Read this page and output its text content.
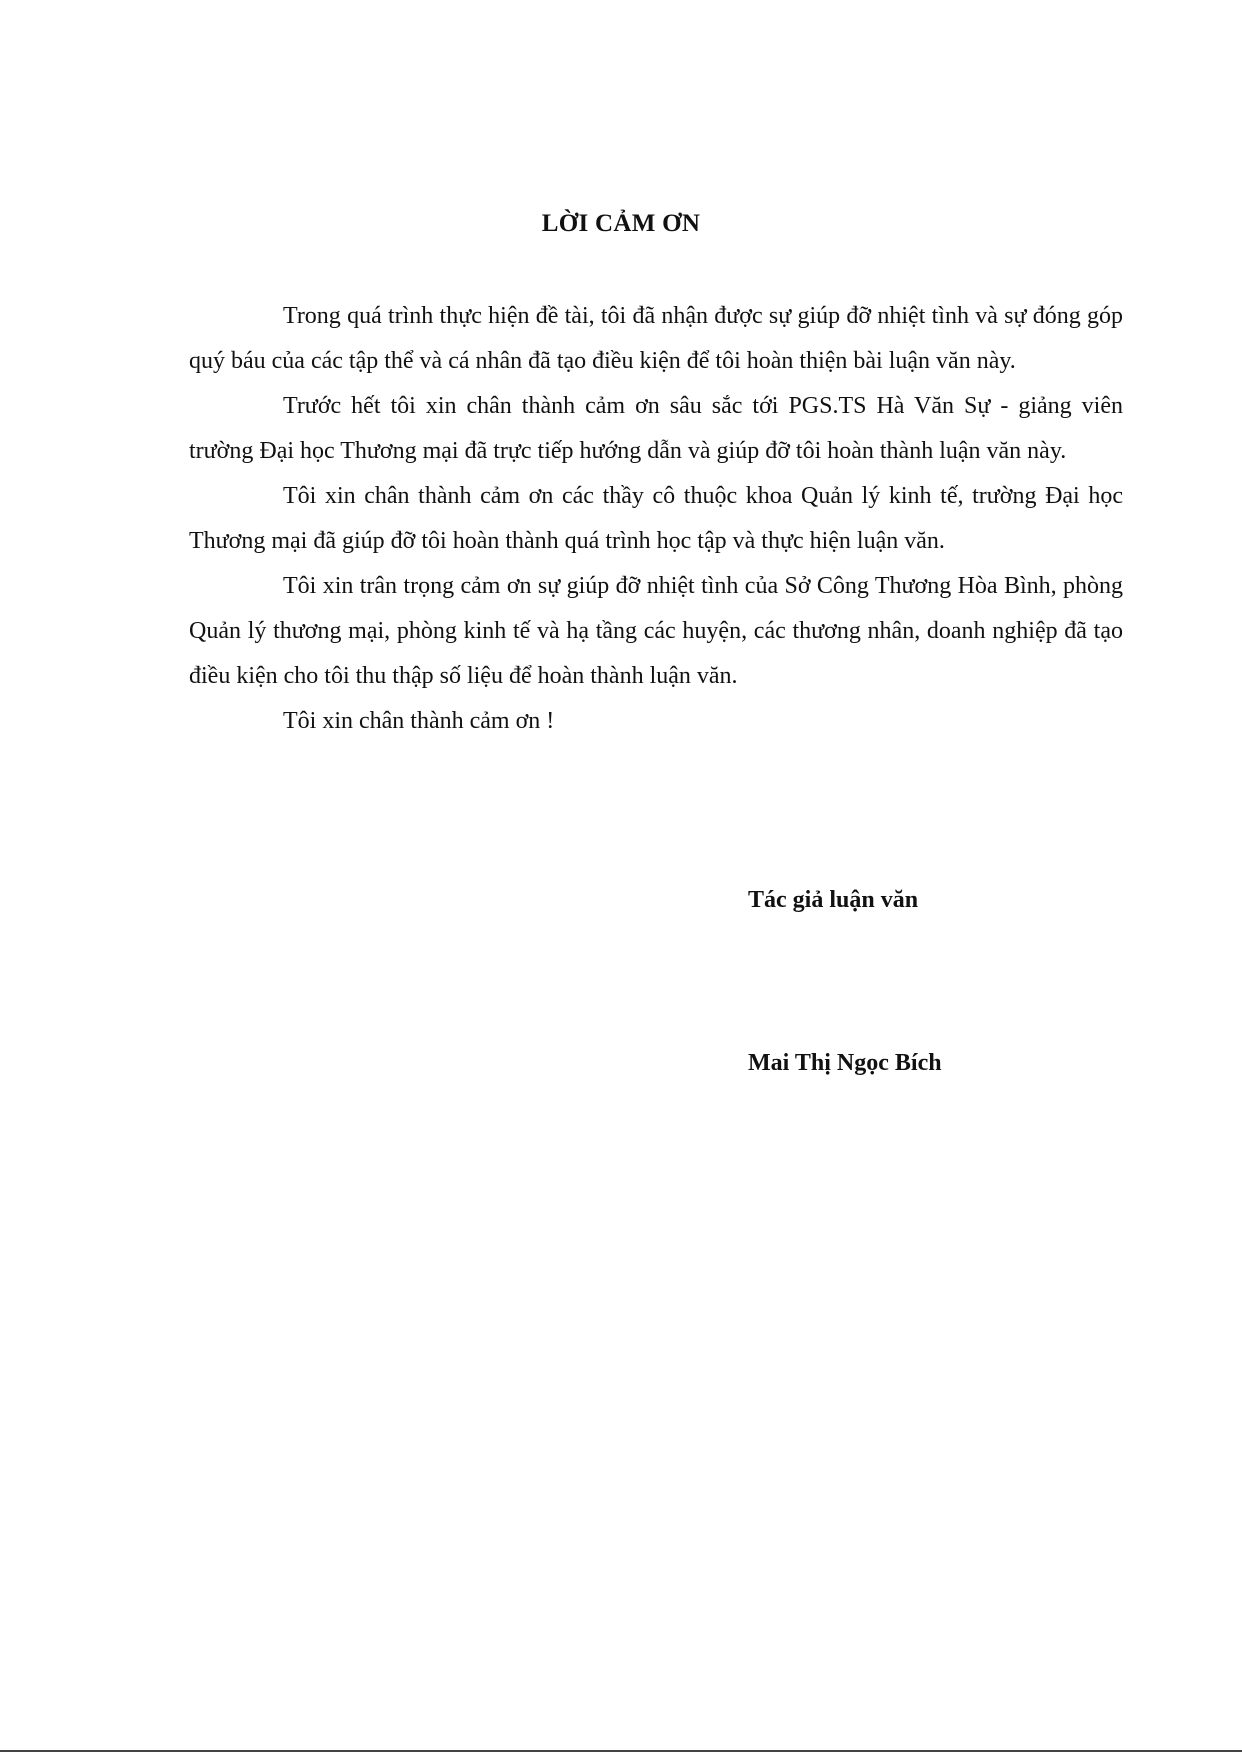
LỜI CẢM ƠN

Trong quá trình thực hiện đề tài, tôi đã nhận được sự giúp đỡ nhiệt tình và sự đóng góp quý báu của các tập thể và cá nhân đã tạo điều kiện để tôi hoàn thiện bài luận văn này.

Trước hết tôi xin chân thành cảm ơn sâu sắc tới PGS.TS Hà Văn Sự - giảng viên trường Đại học Thương mại đã trực tiếp hướng dẫn và giúp đỡ tôi hoàn thành luận văn này.

Tôi xin chân thành cảm ơn các thầy cô thuộc khoa Quản lý kinh tế, trường Đại học Thương mại đã giúp đỡ tôi hoàn thành quá trình học tập và thực hiện luận văn.

Tôi xin trân trọng cảm ơn sự giúp đỡ nhiệt tình của Sở Công Thương Hòa Bình, phòng Quản lý thương mại, phòng kinh tế và hạ tầng các huyện, các thương nhân, doanh nghiệp đã tạo điều kiện cho tôi thu thập số liệu để hoàn thành luận văn.

Tôi xin chân thành cảm ơn !

Tác giả luận văn
Mai Thị Ngọc Bích
